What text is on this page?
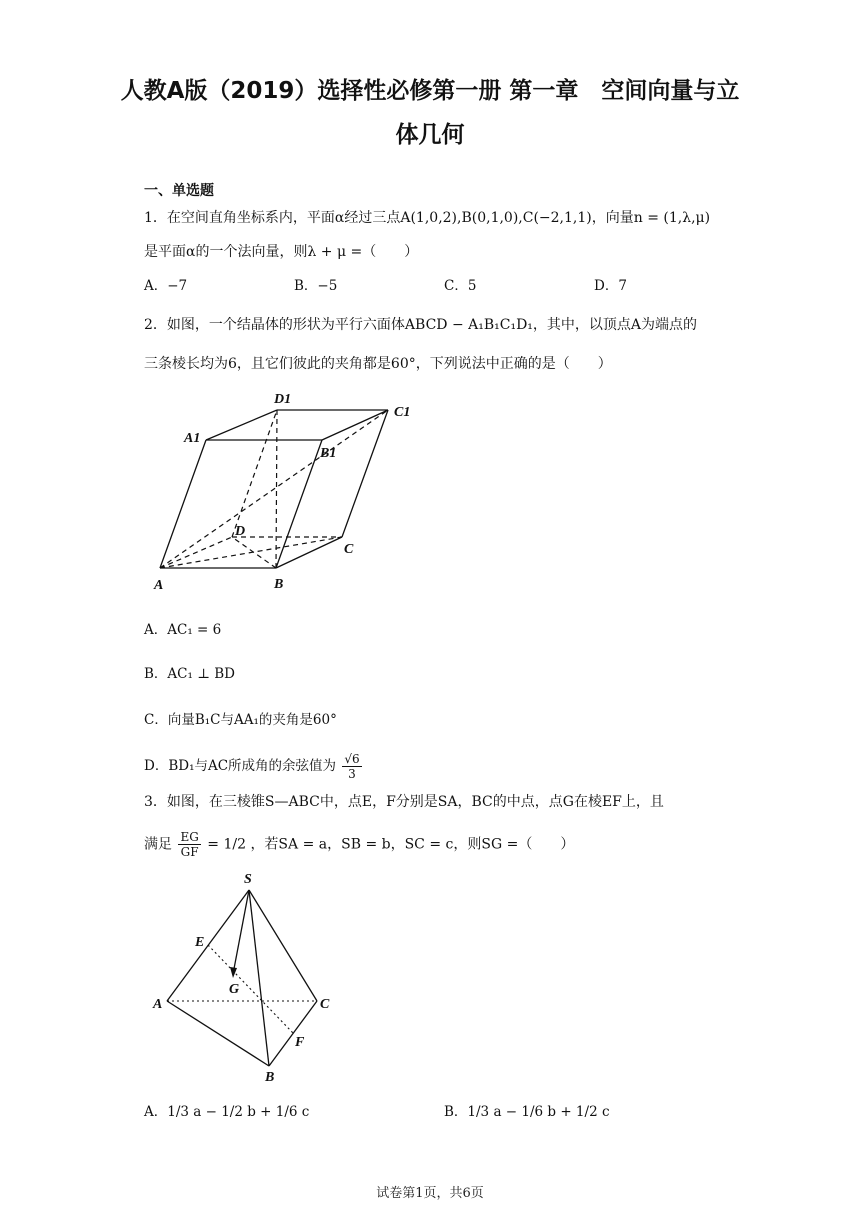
人教A版（2019）选择性必修第一册 第一章　空间向量与立
体几何
一、单选题
1．在空间直角坐标系内，平面α经过三点A(1,0,2),B(0,1,0),C(−2,1,1)，向量n = (1,λ,μ)
是平面α的一个法向量，则λ + μ =（　　）
A．−7	B．−5	C．5	D．7
2．如图，一个结晶体的形状为平行六面体ABCD − A₁B₁C₁D₁，其中，以顶点A为端点的
三条棱长均为6，且它们彼此的夹角都是60°，下列说法中正确的是（　　）
D1
C1
A1
B1
D
C
A	B
A．AC₁ = 6
B．AC₁ ⊥ BD
C．向量B₁C与AA₁的夹角是60°
D．BD₁与AC所成角的余弦值为 $\frac{√6}{3}$
3．如图，在三棱锥S—ABC中，点E，F分别是SA，BC的中点，点G在棱EF上，且
满足 $\frac{EG}{GF} = 1/2$ ，若SA = a，SB = b，SC = c，则SG =（　　）
S
E
G
A	C
F
B
A．1/3 a − 1/2 b + 1/6 c	B．1/3 a − 1/6 b + 1/2 c
试卷第1页，共6页
